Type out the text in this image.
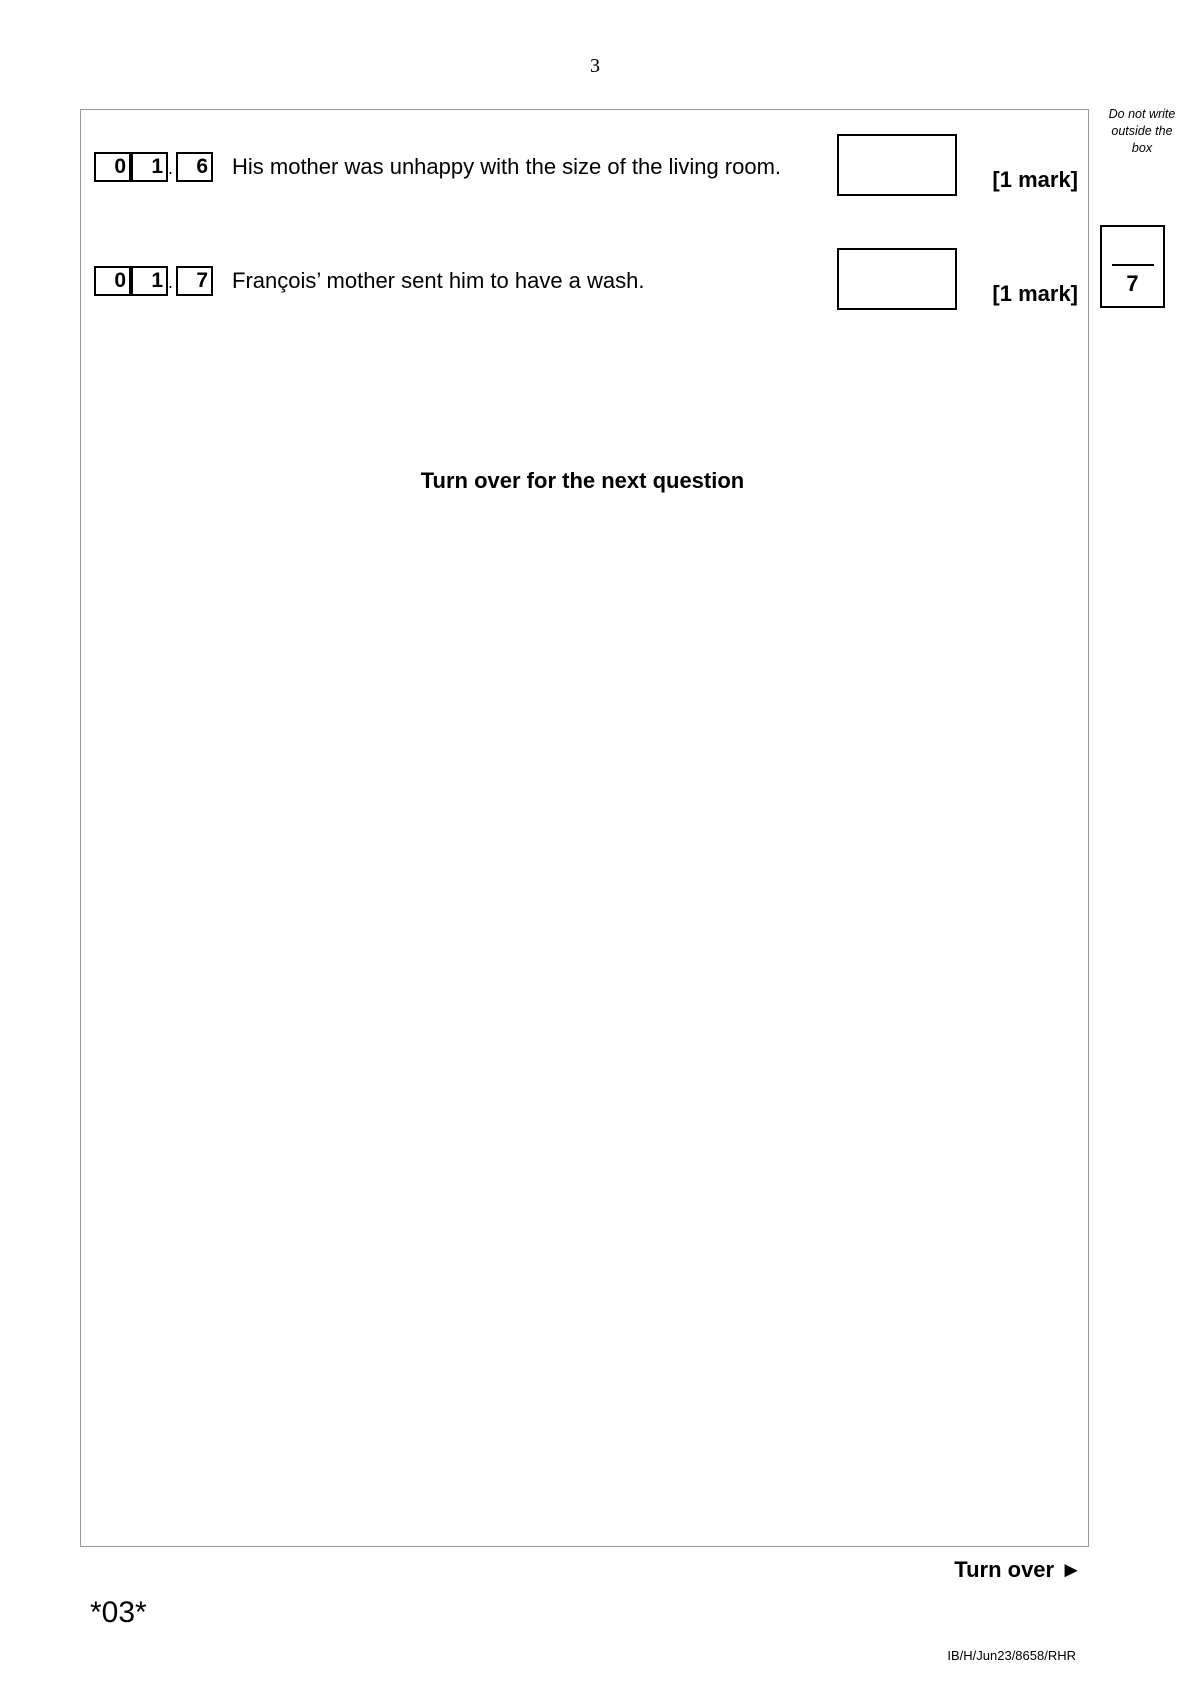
3
Do not write
outside the
box
0	1 .	6 His mother was unhappy with the size of the living room.
[1 mark]
0	1 .	7 François’ mother sent him to have a wash.
[1 mark]	7
Turn over for the next question
Turn over ►
*03*
IB/H/Jun23/8658/RHR
